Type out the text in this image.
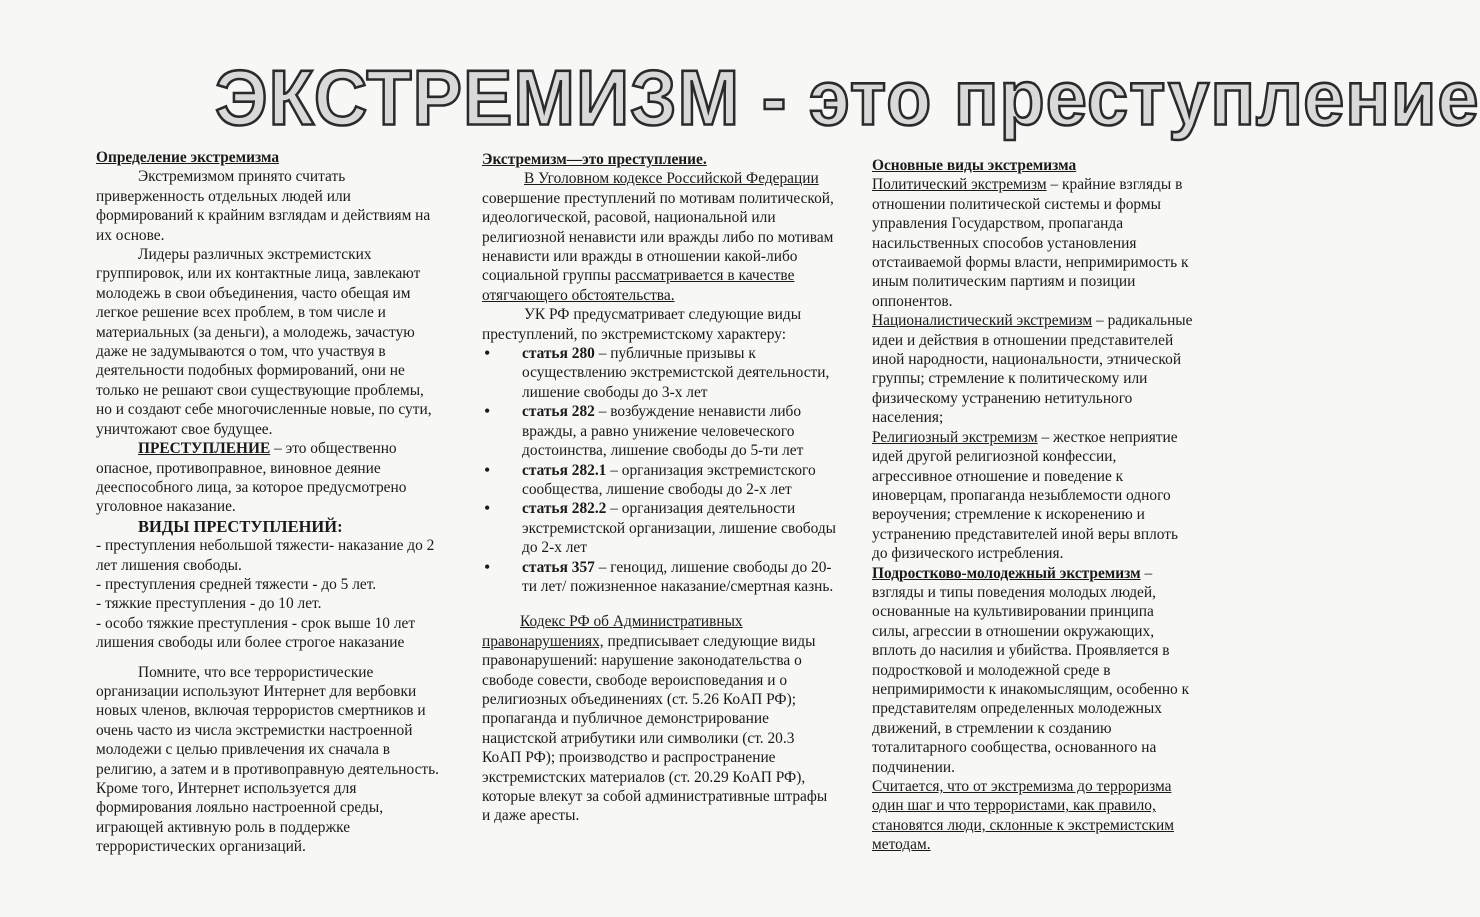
ЭКСТРЕМИЗМ - это преступление

Определение экстремизма

Экстремизмом принято считать приверженность отдельных людей или формирований к крайним взглядам и действиям на их основе.

Лидеры различных экстремистских группировок, или их контактные лица, завлекают молодежь в свои объединения, часто обещая им легкое решение всех проблем, в том числе и материальных (за деньги), а молодежь, зачастую даже не задумываются о том, что участвуя в деятельности подобных формирований, они не только не решают свои существующие проблемы, но и создают себе многочисленные новые, по сути, уничтожают свое будущее.

ПРЕСТУПЛЕНИЕ – это общественно опасное, противоправное, виновное деяние дееспособного лица, за которое предусмотрено уголовное наказание.

ВИДЫ ПРЕСТУПЛЕНИЙ:

- преступления небольшой тяжести- наказание до 2 лет лишения свободы.

- преступления средней тяжести - до 5 лет.

- тяжкие преступления - до 10 лет.

- особо тяжкие преступления - срок выше 10 лет лишения свободы или более строгое наказание

Помните, что все террористические организации используют Интернет для вербовки новых членов, включая террористов смертников и очень часто из числа экстремистки настроенной молодежи с целью привлечения их сначала в религию, а затем и в противоправную деятельность. Кроме того, Интернет используется для формирования лояльно настроенной среды, играющей активную роль в поддержке террористических организаций.

Экстремизм—это преступление.

В Уголовном кодексе Российской Федерации совершение преступлений по мотивам политической, идеологической, расовой, национальной или религиозной ненависти или вражды либо по мотивам ненависти или вражды в отношении какой-либо социальной группы рассматривается в качестве отягчающего обстоятельства.

УК РФ предусматривает следующие виды преступлений, по экстремистскому характеру:

• статья 280 – публичные призывы к осуществлению экстремистской деятельности, лишение свободы до 3-х лет
• статья 282 – возбуждение ненависти либо вражды, а равно унижение человеческого достоинства, лишение свободы до 5-ти лет
• статья 282.1 – организация экстремистского сообщества, лишение свободы до 2-х лет
• статья 282.2 – организация деятельности экстремистской организации, лишение свободы до 2-х лет
• статья 357 – геноцид, лишение свободы до 20-ти лет/ пожизненное наказание/смертная казнь.

Кодекс РФ об Административных правонарушениях, предписывает следующие виды правонарушений: нарушение законодательства о свободе совести, свободе вероисповедания и о религиозных объединениях (ст. 5.26 КоАП РФ); пропаганда и публичное демонстрирование нацистской атрибутики или символики (ст. 20.3 КоАП РФ); производство и распространение экстремистских материалов (ст. 20.29 КоАП РФ), которые влекут за собой административные штрафы и даже аресты.

Основные виды экстремизма

Политический экстремизм – крайние взгляды в отношении политической системы и формы управления Государством, пропаганда насильственных способов установления отстаиваемой формы власти, непримиримость к иным политическим партиям и позиции оппонентов.

Националистический экстремизм – радикальные идеи и действия в отношении представителей иной народности, национальности, этнической группы; стремление к политическому или физическому устранению нетитульного населения;

Религиозный экстремизм – жесткое неприятие идей другой религиозной конфессии, агрессивное отношение и поведение к иноверцам, пропаганда незыблемости одного вероучения; стремление к искоренению и устранению представителей иной веры вплоть до физического истребления.

Подростково-молодежный экстремизм – взгляды и типы поведения молодых людей, основанные на культивировании принципа силы, агрессии в отношении окружающих, вплоть до насилия и убийства. Проявляется в подростковой и молодежной среде в непримиримости к инакомыслящим, особенно к представителям определенных молодежных движений, в стремлении к созданию тоталитарного сообщества, основанного на подчинении.

Считается, что от экстремизма до терроризма один шаг и что террористами, как правило, становятся люди, склонные к экстремистским методам.
